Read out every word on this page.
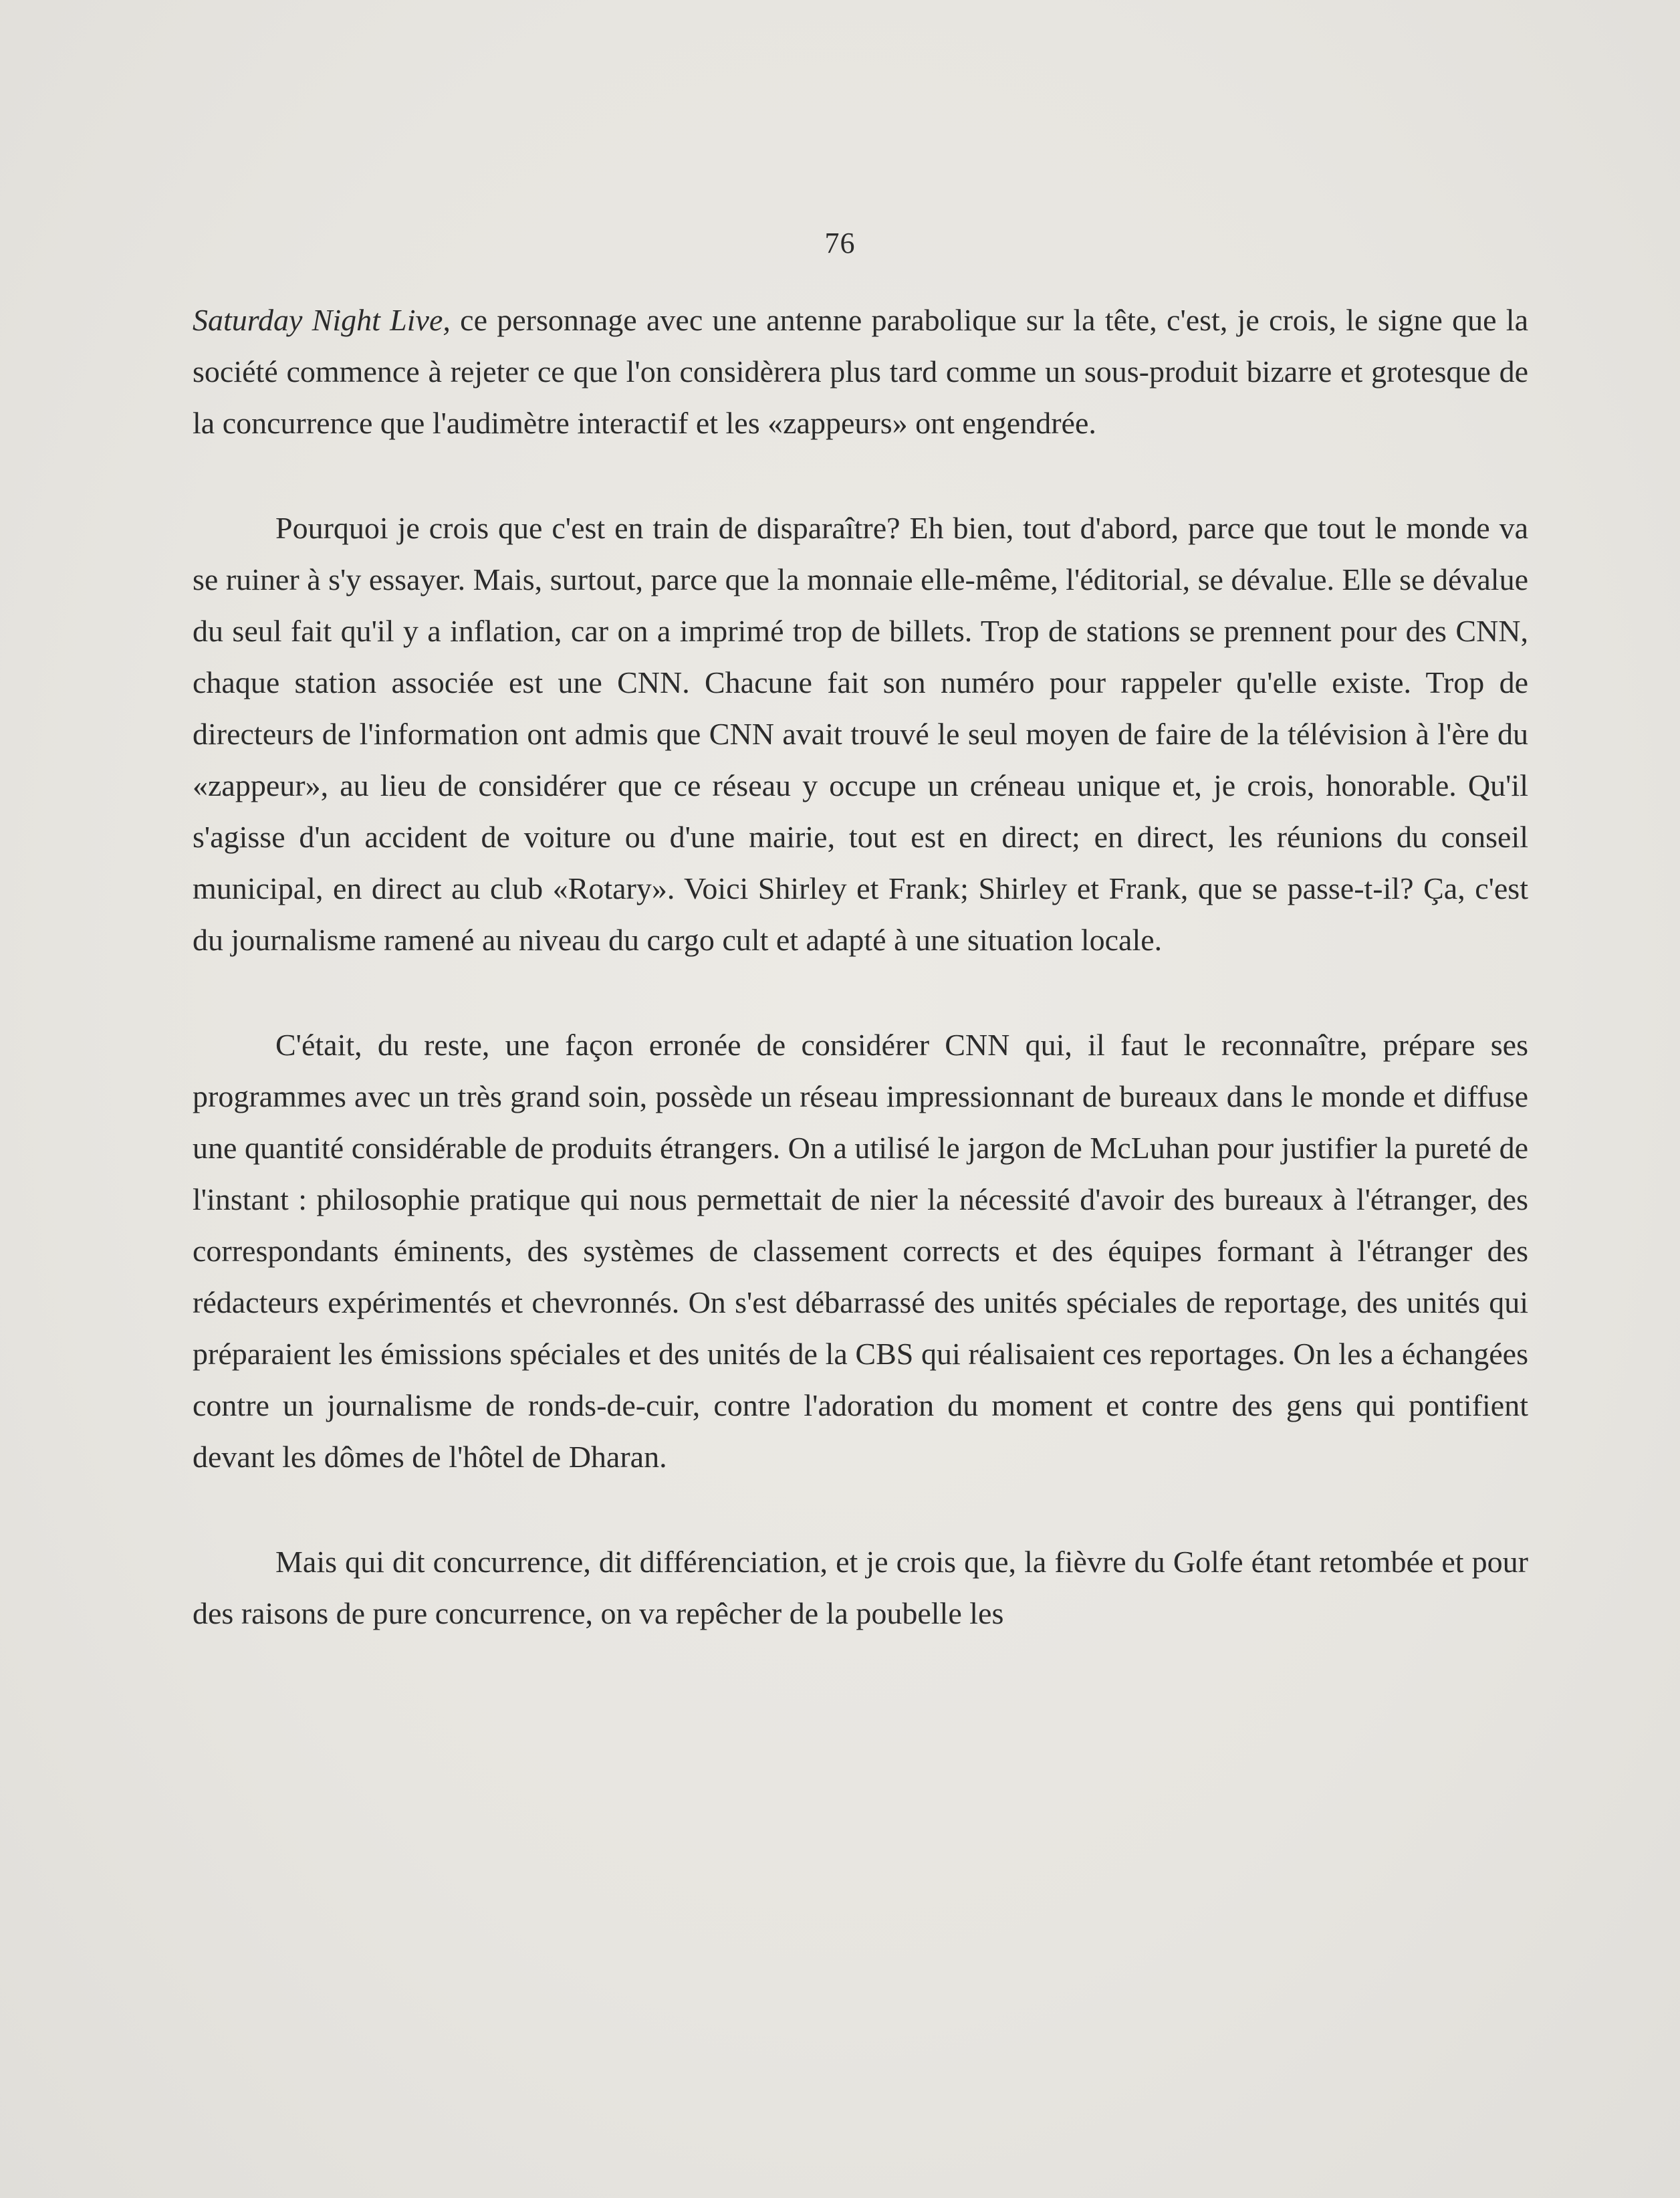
76

Saturday Night Live, ce personnage avec une antenne parabolique sur la tête, c'est, je crois, le signe que la société commence à rejeter ce que l'on considèrera plus tard comme un sous-produit bizarre et grotesque de la concurrence que l'audimètre interactif et les «zappeurs» ont engendrée.

Pourquoi je crois que c'est en train de disparaître? Eh bien, tout d'abord, parce que tout le monde va se ruiner à s'y essayer. Mais, surtout, parce que la monnaie elle-même, l'éditorial, se dévalue. Elle se dévalue du seul fait qu'il y a inflation, car on a imprimé trop de billets. Trop de stations se prennent pour des CNN, chaque station associée est une CNN. Chacune fait son numéro pour rappeler qu'elle existe. Trop de directeurs de l'information ont admis que CNN avait trouvé le seul moyen de faire de la télévision à l'ère du «zappeur», au lieu de considérer que ce réseau y occupe un créneau unique et, je crois, honorable. Qu'il s'agisse d'un accident de voiture ou d'une mairie, tout est en direct; en direct, les réunions du conseil municipal, en direct au club «Rotary». Voici Shirley et Frank; Shirley et Frank, que se passe-t-il? Ça, c'est du journalisme ramené au niveau du cargo cult et adapté à une situation locale.

C'était, du reste, une façon erronée de considérer CNN qui, il faut le reconnaître, prépare ses programmes avec un très grand soin, possède un réseau impressionnant de bureaux dans le monde et diffuse une quantité considérable de produits étrangers. On a utilisé le jargon de McLuhan pour justifier la pureté de l'instant : philosophie pratique qui nous permettait de nier la nécessité d'avoir des bureaux à l'étranger, des correspondants éminents, des systèmes de classement corrects et des équipes formant à l'étranger des rédacteurs expérimentés et chevronnés. On s'est débarrassé des unités spéciales de reportage, des unités qui préparaient les émissions spéciales et des unités de la CBS qui réalisaient ces reportages. On les a échangées contre un journalisme de ronds-de-cuir, contre l'adoration du moment et contre des gens qui pontifient devant les dômes de l'hôtel de Dharan.

Mais qui dit concurrence, dit différenciation, et je crois que, la fièvre du Golfe étant retombée et pour des raisons de pure concurrence, on va repêcher de la poubelle les
